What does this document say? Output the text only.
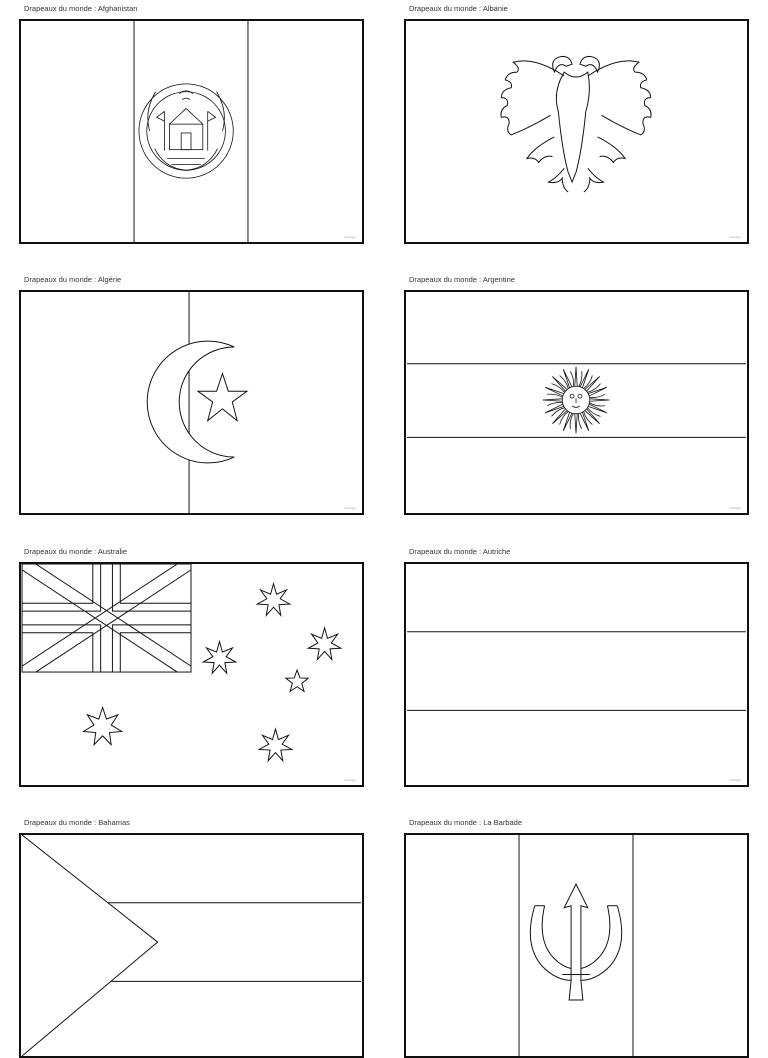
Drapeaux du monde : Afghanistan
coloriage
Drapeaux du monde : Albanie
coloriage
Drapeaux du monde : Algérie
coloriage
Drapeaux du monde : Argentine
coloriage
Drapeaux du monde : Australie
coloriage
Drapeaux du monde : Autriche
coloriage
Drapeaux du monde : Bahamas	Drapeaux du monde : La Barbade
